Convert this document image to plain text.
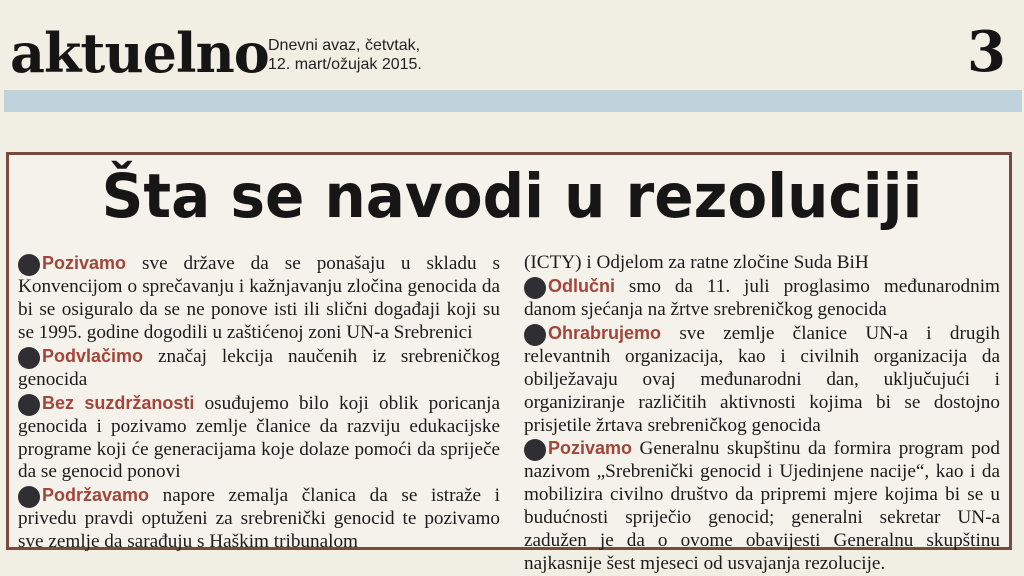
aktuelno Dnevni avaz, četvtak,
12. mart/ožujak 2015.	3
Šta se navodi u rezoluciji

Pozivamo sve države da se ponašaju u skladu s Konvencijom o sprečavanju i kažnjavanju zločina genocida da bi se osiguralo da se ne ponove isti ili slični događaji koji su se 1995. godine dogodili u zaštićenoj zoni UN-a Srebrenici

Podvlačimo značaj lekcija naučenih iz srebreničkog genocida

Bez suzdržanosti osuđujemo bilo koji oblik poricanja genocida i pozivamo zemlje članice da razviju edukacijske programe koji će generacijama koje dolaze pomoći da spriječe da se genocid ponovi

Podržavamo napore zemalja članica da se istraže i privedu pravdi optuženi za srebrenički genocid te pozivamo sve zemlje da sarađuju s Haškim tribunalom

(ICTY) i Odjelom za ratne zločine Suda BiH

Odlučni smo da 11. juli proglasimo međunarodnim danom sjećanja na žrtve srebreničkog genocida

Ohrabrujemo sve zemlje članice UN-a i drugih relevantnih organizacija, kao i civilnih organizacija da obilježavaju ovaj međunarodni dan, uključujući i organiziranje različitih aktivnosti kojima bi se dostojno prisjetile žrtava srebreničkog genocida

Pozivamo Generalnu skupštinu da formira program pod nazivom „Srebrenički genocid i Ujedinjene nacije“, kao i da mobilizira civilno društvo da pripremi mjere kojima bi se u budućnosti spriječio genocid; generalni sekretar UN-a zadužen je da o ovome obavijesti Generalnu skupštinu najkasnije šest mjeseci od usvajanja rezolucije.
